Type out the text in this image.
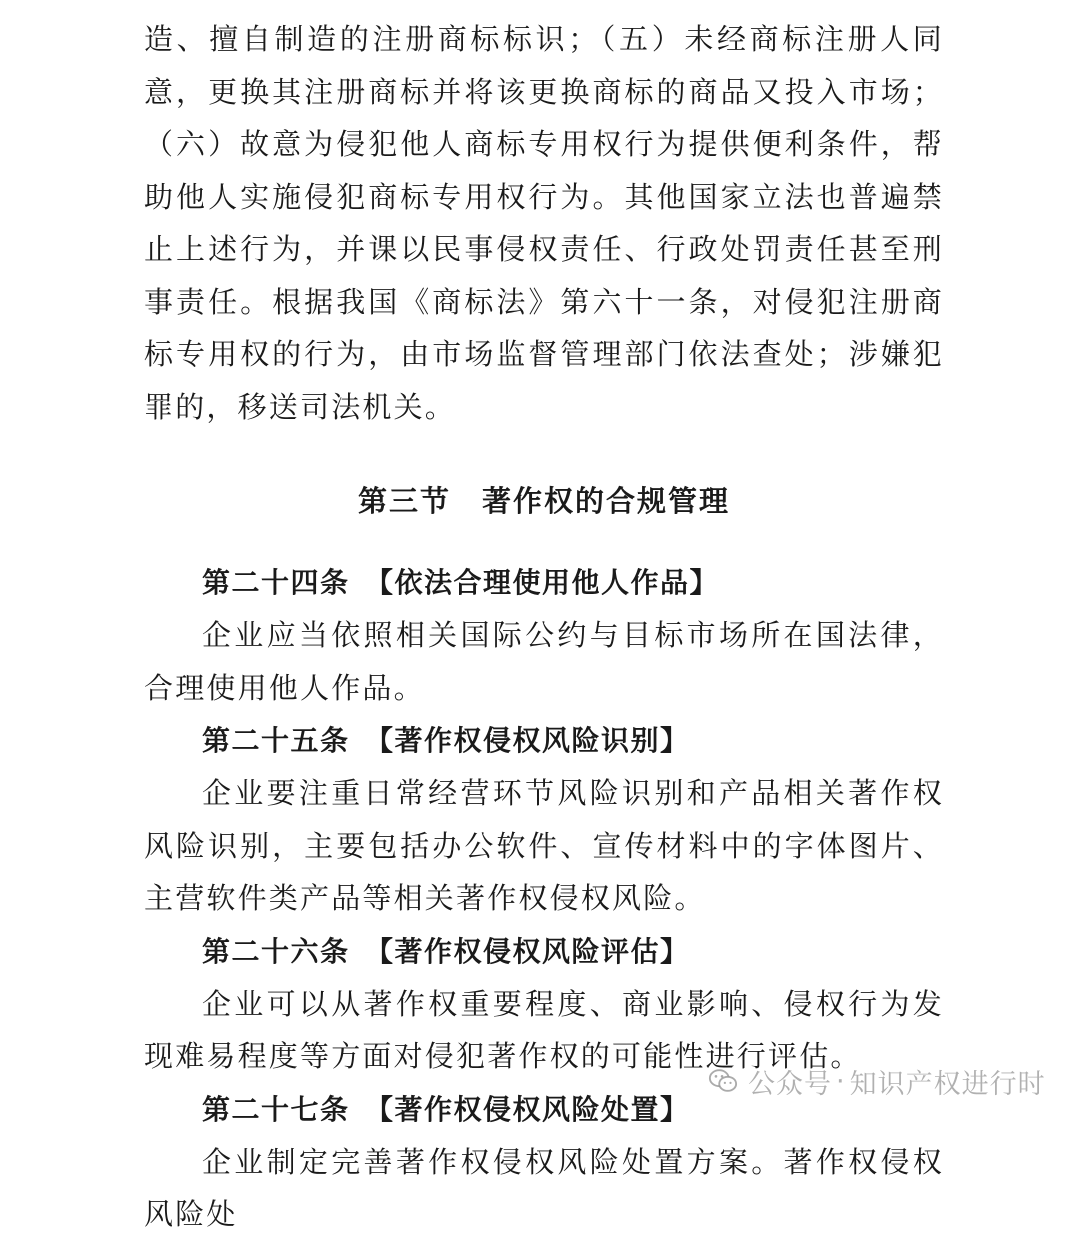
造、擅自制造的注册商标标识；（五）未经商标注册人同意，更换其注册商标并将该更换商标的商品又投入市场；（六）故意为侵犯他人商标专用权行为提供便利条件，帮助他人实施侵犯商标专用权行为。其他国家立法也普遍禁止上述行为，并课以民事侵权责任、行政处罚责任甚至刑事责任。根据我国《商标法》第六十一条，对侵犯注册商标专用权的行为，由市场监督管理部门依法查处；涉嫌犯罪的，移送司法机关。

第三节　著作权的合规管理

第二十四条　【依法合理使用他人作品】

企业应当依照相关国际公约与目标市场所在国法律，合理使用他人作品。

第二十五条　【著作权侵权风险识别】

企业要注重日常经营环节风险识别和产品相关著作权风险识别，主要包括办公软件、宣传材料中的字体图片、主营软件类产品等相关著作权侵权风险。

第二十六条　【著作权侵权风险评估】

企业可以从著作权重要程度、商业影响、侵权行为发现难易程度等方面对侵犯著作权的可能性进行评估。

第二十七条　【著作权侵权风险处置】

企业制定完善著作权侵权风险处置方案。著作权侵权风险处

公众号 · 知识产权进行时
